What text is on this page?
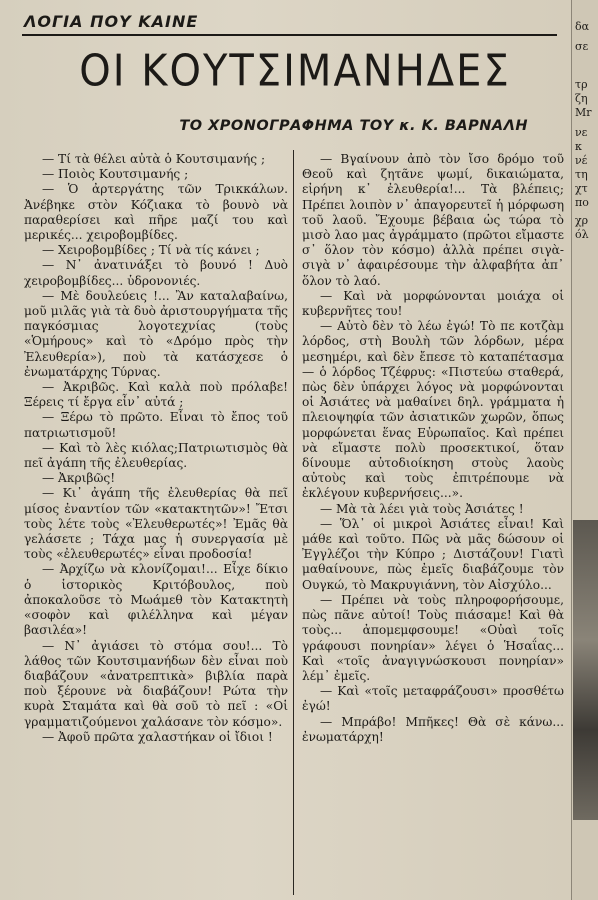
ΛΟΓΙΑ ΠΟΥ ΚΑΙΝΕ
ΟΙ ΚΟΥΤΣΙΜΑΝΗΔΕΣ
ΤΟ ΧΡΟΝΟΓΡΑΦΗΜΑ ΤΟΥ κ. Κ. ΒΑΡΝΑΛΗ

— Τί τὰ θέλει αὐτὰ ὁ Κουτσιμανής ;

— Ποιὸς Κουτσιμανής ;

— Ὁ ἀρτεργάτης τῶν Τρικκάλων. Ἀνέβηκε στὸν Κόζιακα τὸ βουνὸ νὰ παραθερίσει καὶ πῆρε μαζί του καὶ μερικές... χειροβομβίδες.

— Χειροβομβίδες ; Τί νὰ τίς κάνει ;

— Ν᾽ ἀνατινάξει τὸ βουνό ! Δυὸ χειροβομβίδες... ὑδρονονιές.

— Μὲ δουλεύεις !... Ἂν καταλαβαίνω, μοῦ μιλᾶς γιὰ τὰ δυὸ ἀριστουργήματα τῆς παγκόσμιας λογοτεχνίας (τοὺς «Ὁμήρους» καὶ τὸ «Δρόμο πρὸς τὴν Ἐλευθερία»), ποὺ τὰ κατάσχεσε ὁ ἐνωματάρχης Τύρνας.

— Ἀκριβῶς. Καὶ καλὰ ποὺ πρόλαβε! Ξέρεις τί ἔργα εἶν᾽ αὐτά ;

— Ξέρω τὸ πρῶτο. Εἶναι τὸ ἔπος τοῦ πατριωτισμοῦ!

— Καὶ τὸ λὲς κιόλας;Πατριωτισμὸς θὰ πεῖ ἀγάπη τῆς ἐλευθερίας.

— Ἀκριβῶς!

— Κι᾽ ἀγάπη τῆς ἐλευθερίας θὰ πεῖ μίσος ἐναντίον τῶν «κατακτητῶν»! Ἔτσι τοὺς λέτε τοὺς «Ἐλευθερωτές»! Ἐμᾶς θὰ γελάσετε ; Τάχα μας ἡ συνεργασία μὲ τοὺς «ἐλευθερωτές» εἶναι προδοσία!

— Ἀρχίζω νὰ κλονίζομαι!... Εἶχε δίκιο ὁ ἱστορικὸς Κριτόβουλος, ποὺ ἀποκαλοῦσε τὸ Μωάμεθ τὸν Κατακτητὴ «σοφὸν καὶ φιλέλληνα καὶ μέγαν βασιλέα»!

— Ν᾽ ἀγιάσει τὸ στόμα σου!... Τὸ λάθος τῶν Κουτσιμανήδων δὲν εἶναι ποὺ διαβάζουν «ἀνατρεπτικὰ» βιβλία παρὰ ποὺ ξέρουνε νὰ διαβάζουν! Ρώτα τὴν κυρὰ Σταμάτα καὶ θὰ σοῦ τὸ πεῖ : «Οἱ γραμματιζούμενοι χαλάσανε τὸν κόσμο».

— Ἀφοῦ πρῶτα χαλαστήκαν οἱ ἴδιοι !

— Βγαίνουν ἀπὸ τὸν ἴσο δρόμο τοῦ Θεοῦ καὶ ζητᾶνε ψωμί, δικαιώματα, εἰρήνη κ᾽ ἐλευθερία!... Τὰ βλέπεις; Πρέπει λοιπὸν ν᾽ ἀπαγορευτεῖ ἡ μόρφωση τοῦ λαοῦ. Ἔχουμε βέβαια ὡς τώρα τὸ μισὸ λαο μας ἀγράμματο (πρῶτοι εἴμαστε σ᾽ ὅλον τὸν κόσμο) ἀλλὰ πρέπει σιγὰ-σιγὰ ν᾽ ἀφαιρέσουμε τὴν ἀλφαβήτα ἀπ᾽ ὅλον τὸ λαό.

— Καὶ νὰ μορφώνονται μοιάχα οἱ κυβερνῆτες του!

— Αὐτὸ δὲν τὸ λέω ἐγώ! Τὸ πε κοτζὰμ λόρδος, στὴ Βουλὴ τῶν λόρδων, μέρα μεσημέρι, καὶ δὲν ἔπεσε τὸ καταπέτασμα — ὁ λόρδος Τζέφρυς: «Πιστεύω σταθερά, πὼς δὲν ὑπάρχει λόγος νὰ μορφώνονται οἱ Ἀσιάτες νὰ μαθαίνει δηλ. γράμματα ἡ πλειοψηφία τῶν ἀσιατικῶν χωρῶν, ὅπως μορφώνεται ἕνας Εὐρωπαῖος. Καὶ πρέπει νὰ εἴμαστε πολὺ προσεκτικοί, ὅταν δίνουμε αὐτοδιοίκηση στοὺς λαοὺς αὐτοὺς καὶ τοὺς ἐπιτρέπουμε νὰ ἐκλέγουν κυβερνήσεις...».

— Μὰ τὰ λέει γιὰ τοὺς Ἀσιάτες !

— Ὅλ᾽ οἱ μικροὶ Ἀσιάτες εἶναι! Καὶ μάθε καὶ τοῦτο. Πῶς νὰ μᾶς δώσουν οἱ Ἐγγλέζοι τὴν Κύπρο ; Διστάζουν! Γιατὶ μαθαίνουνε, πὼς ἐμεῖς διαβάζουμε τὸν Ουγκώ, τὸ Μακρυγιάννη, τὸν Αἰσχύλο...

— Πρέπει νὰ τοὺς πληροφορήσουμε, πὼς πᾶνε αὐτοί! Τοὺς πιάσαμε! Καὶ θὰ τοὺς... ἀπομεμφσουμε! «Οὐαὶ τοῖς γράφουσι πονηρίαν» λέγει ὁ Ἡσαΐας... Καὶ «τοῖς ἀναγιγνώσκουσι πονηρίαν» λέμ᾽ ἐμεῖς.

— Καὶ «τοῖς μεταφράζουσι» προσθέτω ἐγώ!

— Μπράβο! Μπῆκες! Θὰ σὲ κάνω... ἐνωματάρχη!

δα
σε
τρ
ζη
Mr
νε
κ
νέ
τη
χτ
πο
χρ
όλ
